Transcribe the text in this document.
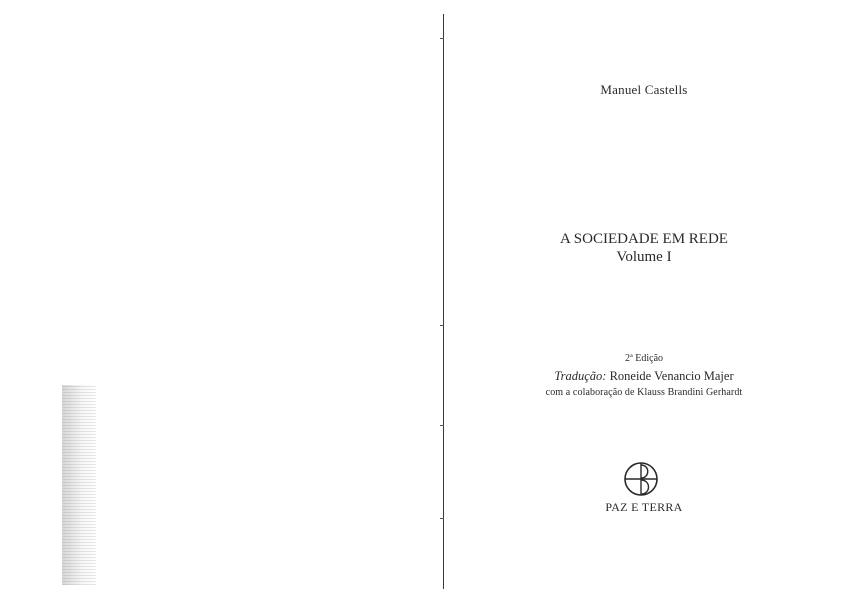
Manuel Castells
A SOCIEDADE EM REDE
Volume I
2ª Edição
Tradução: Roneide Venancio Majer
com a colaboração de Klauss Brandini Gerhardt
PAZ E TERRA
